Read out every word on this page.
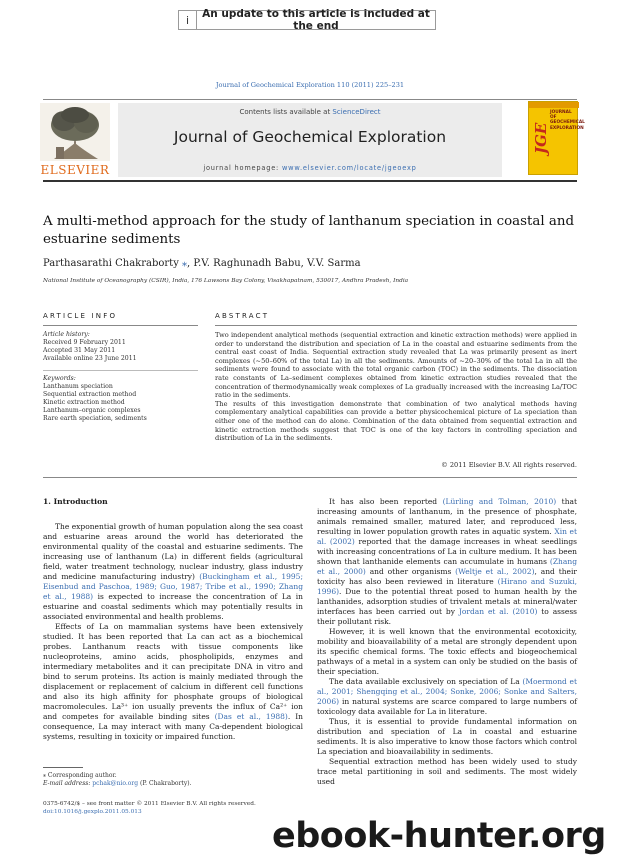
i	An update to this article is included at the end
Journal of Geochemical Exploration 110 (2011) 225–231
ELSEVIER
Contents lists available at ScienceDirect
Journal of Geochemical Exploration
journal homepage: www.elsevier.com/locate/jgeoexp
JGE
JOURNAL OF GEOCHEMICAL EXPLORATION
A multi-method approach for the study of lanthanum speciation in coastal and estuarine sediments
Parthasarathi Chakraborty ⁎, P.V. Raghunadh Babu, V.V. Sarma
National Institute of Oceanography (CSIR), India, 176 Lawsons Bay Colony, Visakhapatnam, 530017, Andhra Pradesh, India
ARTICLE INFO	ABSTRACT
Article history:
Received 9 February 2011
Accepted 31 May 2011
Available online 23 June 2011
Keywords:
Lanthanum speciation
Sequential extraction method
Kinetic extraction method
Lanthanum–organic complexes
Rare earth speciation, sediments

Two independent analytical methods (sequential extraction and kinetic extraction methods) were applied in order to understand the distribution and speciation of La in the coastal and estuarine sediments from the central east coast of India. Sequential extraction study revealed that La was primarily present as inert complexes (~50–60% of the total La) in all the sediments. Amounts of ~20–30% of the total La in all the sediments were found to associate with the total organic carbon (TOC) in the sediments. The dissociation rate constants of La–sediment complexes obtained from kinetic extraction studies revealed that the concentration of thermodynamically weak complexes of La gradually increased with the increasing La/TOC ratio in the sediments.

The results of this investigation demonstrate that combination of two analytical methods having complementary analytical capabilities can provide a better physicochemical picture of La speciation than either one of the method can do alone. Combination of the data obtained from sequential extraction and kinetic extraction methods suggest that TOC is one of the key factors in controlling speciation and distribution of La in the sediments.

© 2011 Elsevier B.V. All rights reserved.
1. Introduction

The exponential growth of human population along the sea coast and estuarine areas around the world has deteriorated the environmental quality of the coastal and estuarine sediments. The increasing use of lanthanum (La) in different fields (agricultural field, water treatment technology, nuclear industry, glass industry and medicine manufacturing industry) (Buckingham et al., 1995; Eisenbud and Paschoa, 1989; Guo, 1987; Tribe et al., 1990; Zhang et al., 1988) is expected to increase the concentration of La in estuarine and coastal sediments which may potentially results in associated environmental and health problems.

Effects of La on mammalian systems have been extensively studied. It has been reported that La can act as a biochemical probes. Lanthanum reacts with tissue components like nucleoproteins, amino acids, phospholipids, enzymes and intermediary metabolites and it can precipitate DNA in vitro and bind to serum proteins. Its action is mainly mediated through the displacement or replacement of calcium in different cell functions and also its high affinity for phosphate groups of biological macromolecules. La³⁺ ion usually prevents the influx of Ca²⁺ ion and competes for available binding sites (Das et al., 1988). In consequence, La may interact with many Ca-dependent biological systems, resulting in toxicity or impaired function.

It has also been reported (Lürling and Tolman, 2010) that increasing amounts of lanthanum, in the presence of phosphate, animals remained smaller, matured later, and reproduced less, resulting in lower population growth rates in aquatic system. Xin et al. (2002) reported that the damage increases in wheat seedlings with increasing concentrations of La in culture medium. It has been shown that lanthanide elements can accumulate in humans (Zhang et al., 2000) and other organisms (Weltje et al., 2002), and their toxicity has also been reviewed in literature (Hirano and Suzuki, 1996). Due to the potential threat posed to human health by the lanthanides, adsorption studies of trivalent metals at mineral/water interfaces has been carried out by Jordan et al. (2010) to assess their pollutant risk.

However, it is well known that the environmental ecotoxicity, mobility and bioavailability of a metal are strongly dependent upon its specific chemical forms. The toxic effects and biogeochemical pathways of a metal in a system can only be studied on the basis of their speciation.

The data available exclusively on speciation of La (Moermond et al., 2001; Shengqing et al., 2004; Sonke, 2006; Sonke and Salters, 2006) in natural systems are scarce compared to large numbers of toxicology data available for La in literature.

Thus, it is essential to provide fundamental information on distribution and speciation of La in coastal and estuarine sediments. It is also imperative to know those factors which control La speciation and bioavailability in sediments.

Sequential extraction method has been widely used to study trace metal partitioning in soil and sediments. The most widely used

⁎ Corresponding author.
E-mail address: pchak@nio.org (P. Chakraborty).
0375-6742/$ – see front matter © 2011 Elsevier B.V. All rights reserved.
doi:10.1016/j.gexplo.2011.05.013
ebook-hunter.org
